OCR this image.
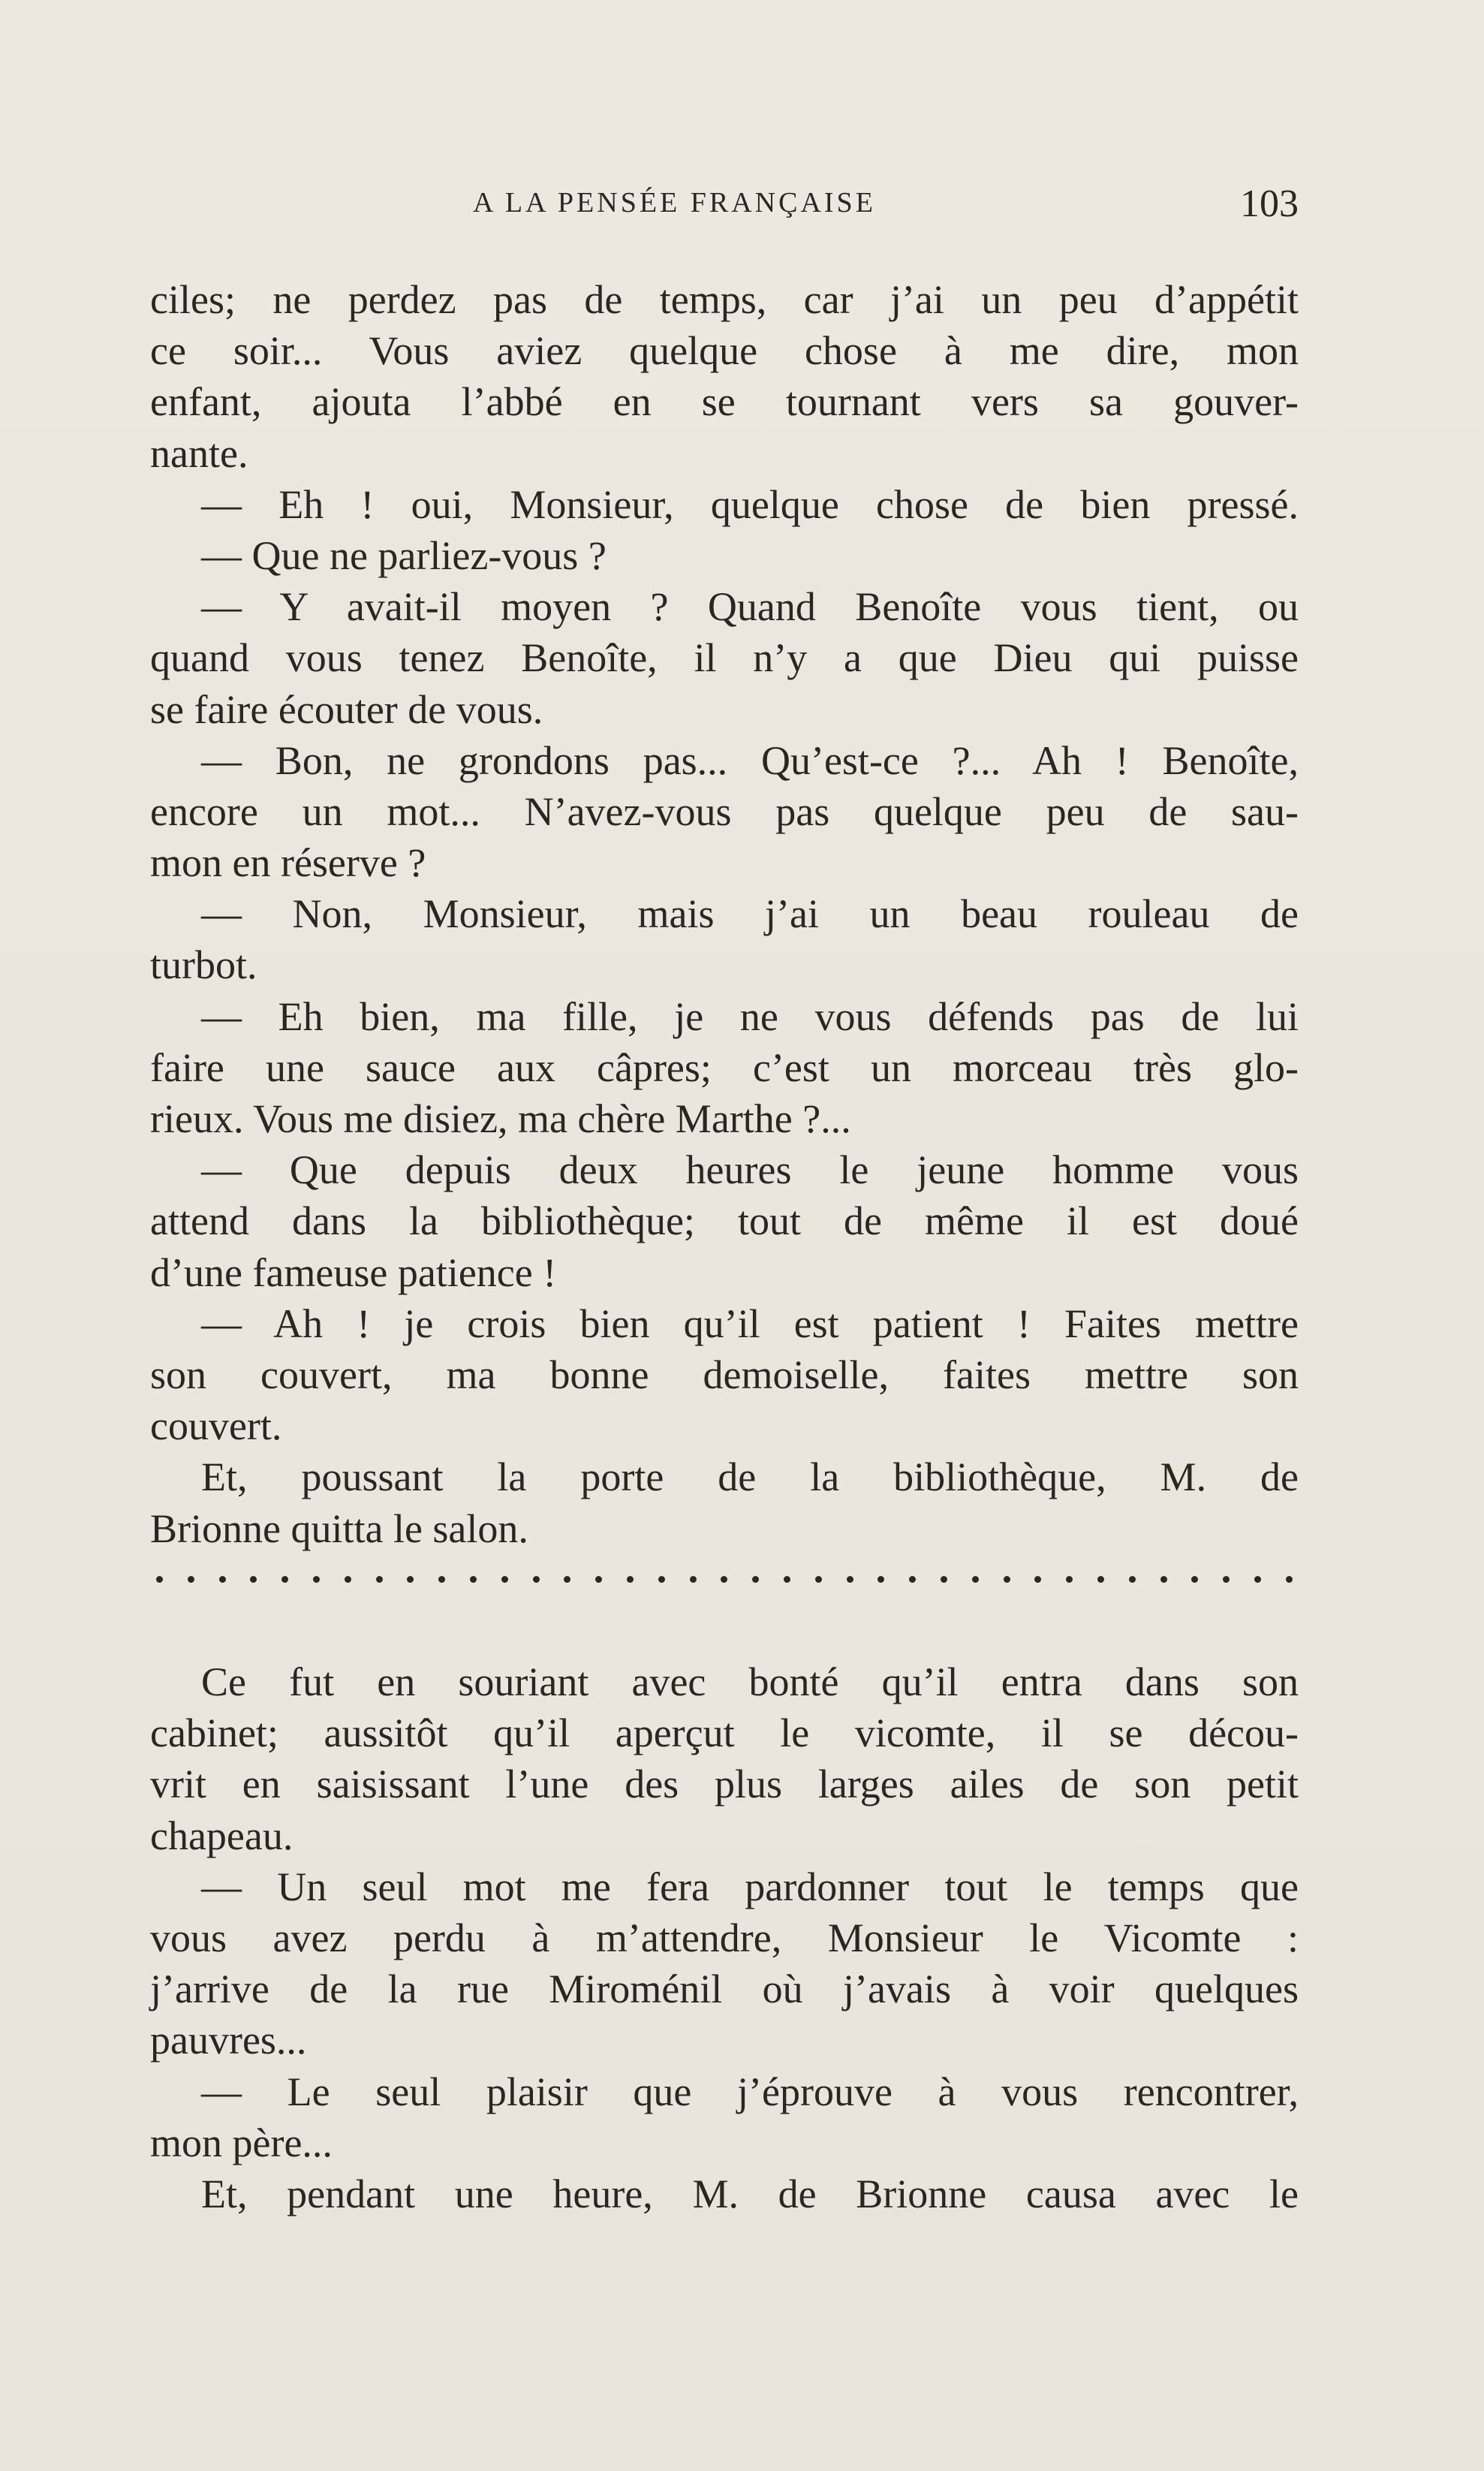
A LA PENSÉE FRANÇAISE	103
ciles; ne perdez pas de temps, car j’ai un peu d’appétit
ce soir... Vous aviez quelque chose à me dire, mon
enfant, ajouta l’abbé en se tournant vers sa gouver-
nante.
— Eh ! oui, Monsieur, quelque chose de bien pressé.
— Que ne parliez-vous ?
— Y avait-il moyen ? Quand Benoîte vous tient, ou
quand vous tenez Benoîte, il n’y a que Dieu qui puisse
se faire écouter de vous.
— Bon, ne grondons pas... Qu’est-ce ?... Ah ! Benoîte,
encore un mot... N’avez-vous pas quelque peu de sau-
mon en réserve ?
— Non, Monsieur, mais j’ai un beau rouleau de
turbot.
— Eh bien, ma fille, je ne vous défends pas de lui
faire une sauce aux câpres; c’est un morceau très glo-
rieux. Vous me disiez, ma chère Marthe ?...
— Que depuis deux heures le jeune homme vous
attend dans la bibliothèque; tout de même il est doué
d’une fameuse patience !
— Ah ! je crois bien qu’il est patient ! Faites mettre
son couvert, ma bonne demoiselle, faites mettre son
couvert.
Et, poussant la porte de la bibliothèque, M. de
Brionne quitta le salon.
Ce fut en souriant avec bonté qu’il entra dans son
cabinet; aussitôt qu’il aperçut le vicomte, il se décou-
vrit en saisissant l’une des plus larges ailes de son petit
chapeau.
— Un seul mot me fera pardonner tout le temps que
vous avez perdu à m’attendre, Monsieur le Vicomte :
j’arrive de la rue Miroménil où j’avais à voir quelques
pauvres...
— Le seul plaisir que j’éprouve à vous rencontrer,
mon père...
Et, pendant une heure, M. de Brionne causa avec le
